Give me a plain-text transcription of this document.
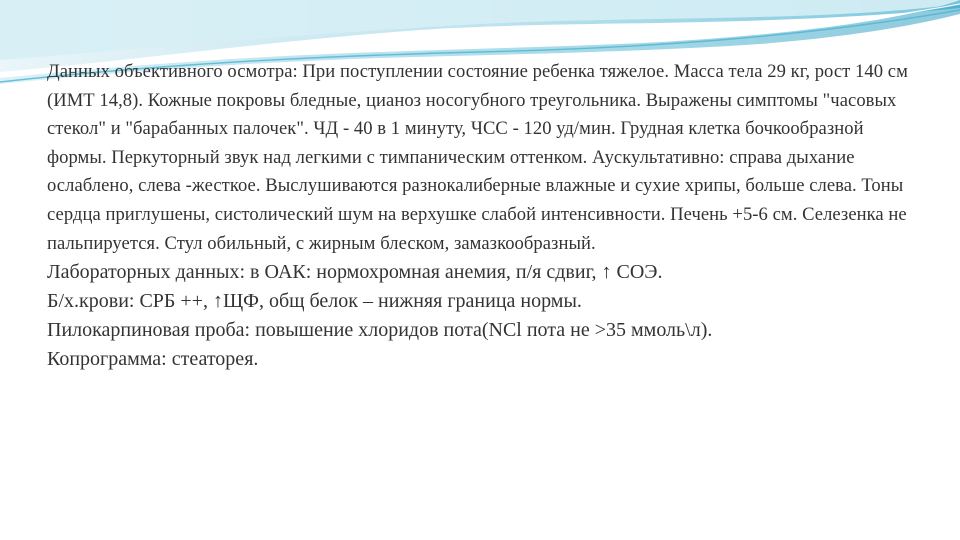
Данных объективного осмотра: При поступлении состояние ребенка тяжелое. Масса тела 29 кг, рост 140 см (ИМТ 14,8). Кожные покровы бледные, цианоз носогубного треугольника. Выражены симптомы "часовых стекол" и "барабанных палочек". ЧД - 40 в 1 минуту, ЧСС - 120 уд/мин. Грудная клетка бочкообразной формы. Перкуторный звук над легкими с тимпаническим оттенком. Аускультативно: справа дыхание ослаблено, слева -жесткое. Выслушиваются разнокалиберные влажные и сухие хрипы, больше слева. Тоны сердца приглушены, систолический шум на верхушке слабой интенсивности. Печень +5-6 см. Селезенка не пальпируется. Стул обильный, с жирным блеском, замазкообразный.

Лабораторных данных: в ОАК: нормохромная анемия, п/я сдвиг, ↑ СОЭ.

Б/х.крови: СРБ ++, ↑ЩФ, общ белок – нижняя граница нормы.

Пилокарпиновая проба: повышение хлоридов пота(NCl пота не >35 ммоль\л).

Копрограмма: стеаторея.
